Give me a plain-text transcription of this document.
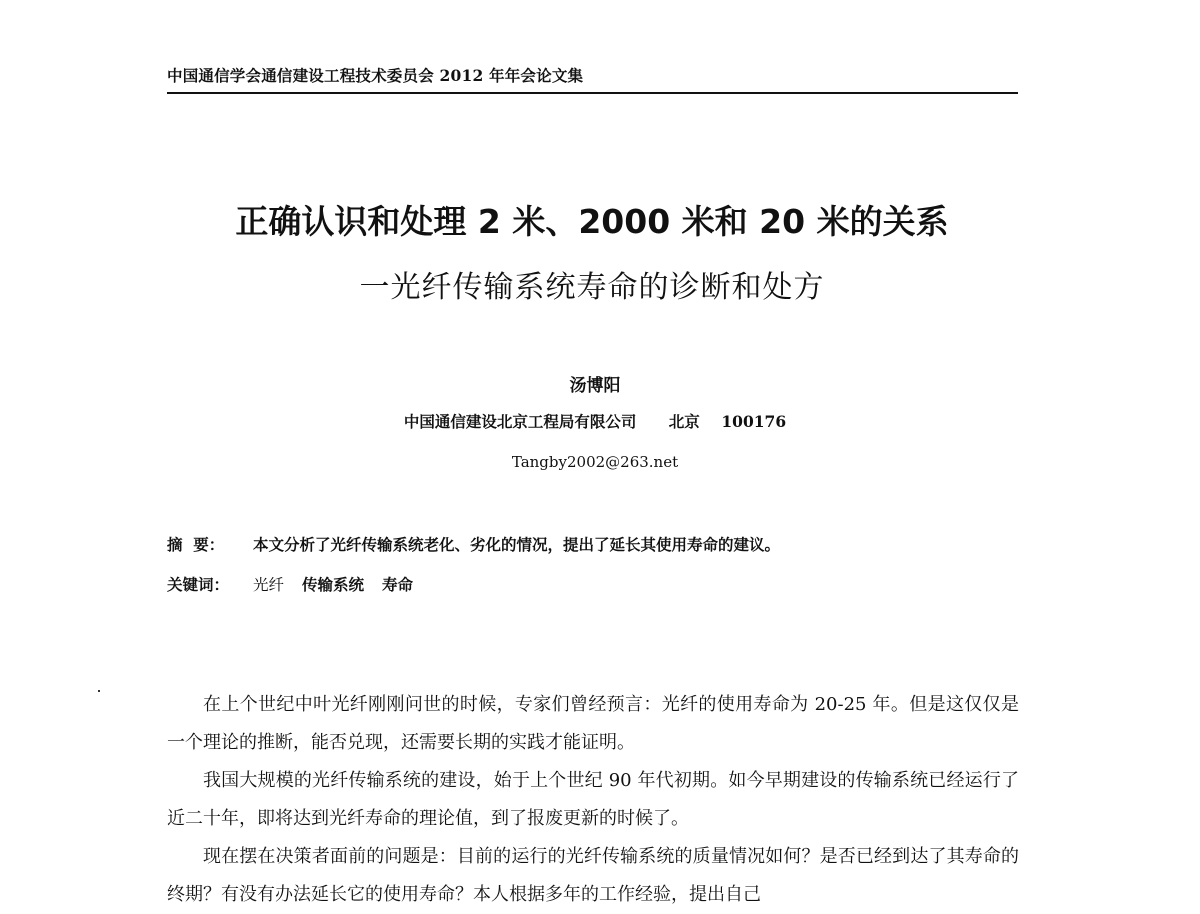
中国通信学会通信建设工程技术委员会 2012 年年会论文集
正确认识和处理 2 米、2000 米和 20 米的关系
一光纤传输系统寿命的诊断和处方
汤博阳
中国通信建设北京工程局有限公司 北京 100176
Tangby2002@263.net
摘  要： 本文分析了光纤传输系统老化、劣化的情况，提出了延长其使用寿命的建议。
关键词： 光纤 传输系统 寿命

在上个世纪中叶光纤刚刚问世的时候，专家们曾经预言：光纤的使用寿命为 20-25 年。但是这仅仅是一个理论的推断，能否兑现，还需要长期的实践才能证明。

我国大规模的光纤传输系统的建设，始于上个世纪 90 年代初期。如今早期建设的传输系统已经运行了近二十年，即将达到光纤寿命的理论值，到了报废更新的时候了。

现在摆在决策者面前的问题是：目前的运行的光纤传输系统的质量情况如何？是否已经到达了其寿命的终期？有没有办法延长它的使用寿命？本人根据多年的工作经验，提出自己
